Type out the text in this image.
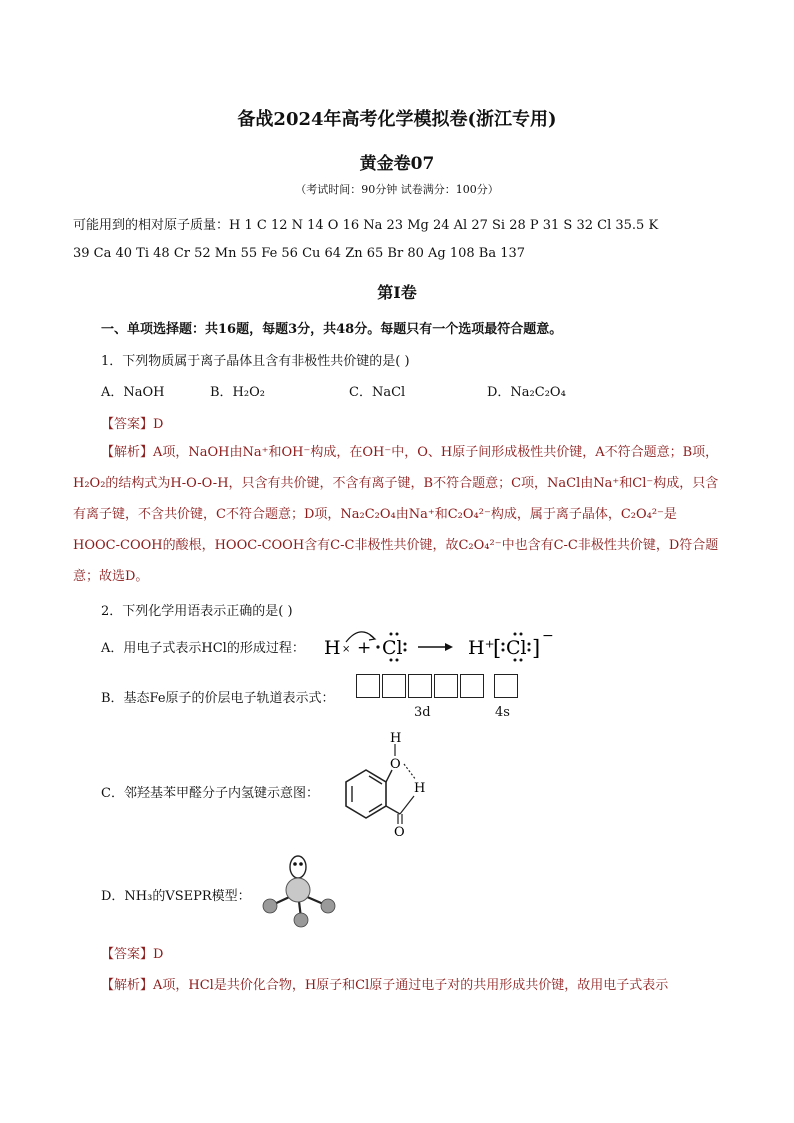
备战2024年高考化学模拟卷(浙江专用)
黄金卷07
（考试时间：90分钟 试卷满分：100分）
可能用到的相对原子质量：H 1 C 12 N 14 O 16 Na 23 Mg 24 Al 27 Si 28 P 31 S 32 Cl 35.5 K
39 Ca 40 Ti 48 Cr 52 Mn 55 Fe 56 Cu 64 Zn 65 Br 80 Ag 108 Ba 137
第Ⅰ卷
一、单项选择题：共16题，每题3分，共48分。每题只有一个选项最符合题意。
1．下列物质属于离子晶体且含有非极性共价键的是( )
A．NaOH	B．H₂O₂	C．NaCl	D．Na₂C₂O₄
【答案】D
【解析】A项，NaOH由Na⁺和OH⁻构成，在OH⁻中，O、H原子间形成极性共价键，A不符合题意；B项，H₂O₂的结构式为H-O-O-H，只含有共价键，不含有离子键，B不符合题意；C项，NaCl由Na⁺和Cl⁻构成，只含有离子键，不含共价键，C不符合题意；D项，Na₂C₂O₄由Na⁺和C₂O₄²⁻构成，属于离子晶体，C₂O₄²⁻是HOOC-COOH的酸根，HOOC-COOH含有C-C非极性共价键，故C₂O₄²⁻中也含有C-C非极性共价键，D符合题意；故选D。
2．下列化学用语表示正确的是( )
A．用电子式表示HCl的形成过程： H × + Cl	H⁺
[ Cl ] −
B．基态Fe原子的价层电子轨道表示式：
3d	4s
C．邻羟基苯甲醛分子内氢键示意图：
O
H
H
O
D．NH₃的VSEPR模型：
【答案】D
【解析】A项，HCl是共价化合物，H原子和Cl原子通过电子对的共用形成共价键，故用电子式表示
